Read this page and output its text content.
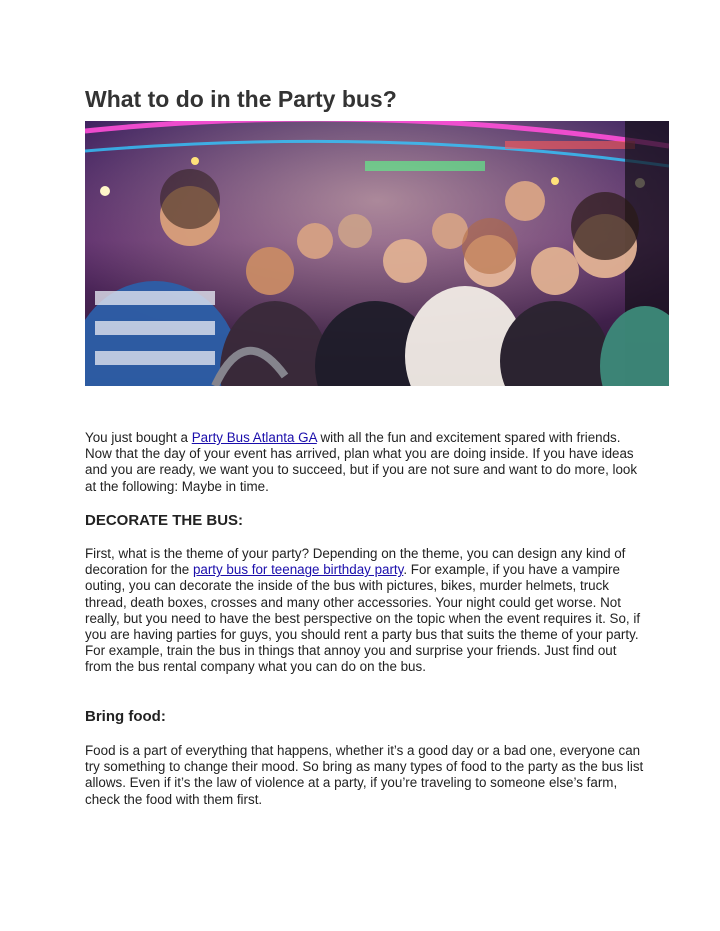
What to do in the Party bus?

You just bought a Party Bus Atlanta GA with all the fun and excitement spared with friends. Now that the day of your event has arrived, plan what you are doing inside. If you have ideas and you are ready, we want you to succeed, but if you are not sure and want to do more, look at the following: Maybe in time.

DECORATE THE BUS:

First, what is the theme of your party? Depending on the theme, you can design any kind of decoration for the party bus for teenage birthday party. For example, if you have a vampire outing, you can decorate the inside of the bus with pictures, bikes, murder helmets, truck thread, death boxes, crosses and many other accessories. Your night could get worse. Not really, but you need to have the best perspective on the topic when the event requires it. So, if you are having parties for guys, you should rent a party bus that suits the theme of your party. For example, train the bus in things that annoy you and surprise your friends. Just find out from the bus rental company what you can do on the bus.

Bring food:

Food is a part of everything that happens, whether it’s a good day or a bad one, everyone can try something to change their mood. So bring as many types of food to the party as the bus list allows. Even if it’s the law of violence at a party, if you’re traveling to someone else’s farm, check the food with them first.
